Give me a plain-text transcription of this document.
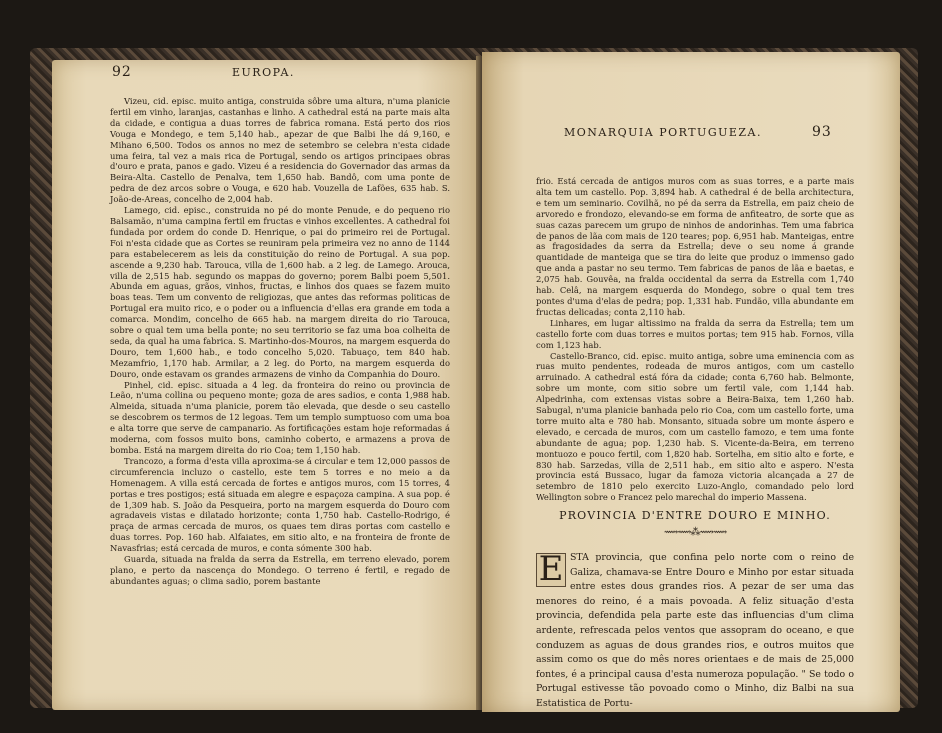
92	EUROPA.

Vizeu, cid. episc. muito antiga, construida sôbre uma altura, n'uma planicie fertil em vinho, laranjas, castanhas e linho. A cathedral está na parte mais alta da cidade, e contigua a duas torres de fabrica romana. Está perto dos rios Vouga e Mondego, e tem 5,140 hab., apezar de que Balbi lhe dá 9,160, e Mihano 6,500. Todos os annos no mez de setembro se celebra n'esta cidade uma feira, tal vez a mais rica de Portugal, sendo os artigos principaes obras d'ouro e prata, panos e gado. Vizeu é a residencia do Governador das armas da Beira-Alta. Castello de Penalva, tem 1,650 hab. Bandô, com uma ponte de pedra de dez arcos sobre o Vouga, e 620 hab. Vouzella de Lafões, 635 hab. S. João-de-Areas, concelho de 2,004 hab.

Lamego, cid. episc., construida no pé do monte Penude, e do pequeno rio Balsamão, n'uma campina fertil em fructas e vinhos excellentes. A cathedral foi fundada por ordem do conde D. Henrique, o pai do primeiro rei de Portugal. Foi n'esta cidade que as Cortes se reuniram pela primeira vez no anno de 1144 para estabelecerem as leis da constituição do reino de Portugal. A sua pop. ascende a 9,230 hab. Tarouca, villa de 1,600 hab. a 2 leg. de Lamego. Arouca, villa de 2,515 hab. segundo os mappas do governo; porem Balbi poem 5,501. Abunda em aguas, grãos, vinhos, fructas, e linhos dos quaes se fazem muito boas teas. Tem um convento de religiozas, que antes das reformas politicas de Portugal era muito rico, e o poder ou a influencia d'ellas era grande em toda a comarca. Mondim, concelho de 665 hab. na margem direita do rio Tarouca, sobre o qual tem uma bella ponte; no seu territorio se faz uma boa colheita de seda, da qual ha uma fabrica. S. Martinho-dos-Mouros, na margem esquerda do Douro, tem 1,600 hab., e todo concelho 5,020. Tabuaço, tem 840 hab. Mezamfrio, 1,170 hab. Armilar, a 2 leg. do Porto, na margem esquerda do Douro, onde estavam os grandes armazens de vinho da Companhia do Douro.

Pinhel, cid. episc. situada a 4 leg. da fronteira do reino ou provincia de Leão, n'uma collina ou pequeno monte; goza de ares sadios, e conta 1,988 hab. Almeida, situada n'uma planicie, porem tão elevada, que desde o seu castello se descobrem os termos de 12 legoas. Tem um templo sumptuoso com uma boa e alta torre que serve de campanario. As fortificações estam hoje reformadas á moderna, com fossos muito bons, caminho coberto, e armazens a prova de bomba. Está na margem direita do rio Coa; tem 1,150 hab.

Trancozo, a forma d'esta villa aproxima-se á circular e tem 12,000 passos de circumferencia incluzo o castello, este tem 5 torres e no meio a da Homenagem. A villa está cercada de fortes e antigos muros, com 15 torres, 4 portas e tres postigos; está situada em alegre e espaçoza campina. A sua pop. é de 1,309 hab. S. João da Pesqueira, porto na margem esquerda do Douro com agradaveis vistas e dilatado horizonte; conta 1,750 hab. Castello-Rodrigo, é praça de armas cercada de muros, os quaes tem diras portas com castello e duas torres. Pop. 160 hab. Alfaiates, em sitio alto, e na fronteira de fronte de Navasfrias; está cercada de muros, e conta sómente 300 hab.

Guarda, situada na fralda da serra da Estrella, em terreno elevado, porem plano, e perto da nascença do Mondego. O terreno é fertil, e regado de abundantes aguas; o clima sadio, porem bastante

MONARQUIA PORTUGUEZA.	93

frio. Está cercada de antigos muros com as suas torres, e a parte mais alta tem um castello. Pop. 3,894 hab. A cathedral é de bella architectura, e tem um seminario. Covilhã, no pé da serra da Estrella, em paiz cheio de arvoredo e frondozo, elevando-se em forma de anfiteatro, de sorte que as suas cazas parecem um grupo de ninhos de andorinhas. Tem uma fabrica de panos de lãa com mais de 120 teares; pop. 6,951 hab. Manteigas, entre as fragosidades da serra da Estrella; deve o seu nome á grande quantidade de manteiga que se tira do leite que produz o immenso gado que anda a pastar no seu termo. Tem fabricas de panos de lãa e baetas, e 2,075 hab. Gouvêa, na fralda occidental da serra da Estrella com 1,740 hab. Celâ, na margem esquerda do Mondego, sobre o qual tem tres pontes d'uma d'elas de pedra; pop. 1,331 hab. Fundão, villa abundante em fructas delicadas; conta 2,110 hab.

Linhares, em lugar altissimo na fralda da serra da Estrella; tem um castello forte com duas torres e muitos portas; tem 915 hab. Fornos, villa com 1,123 hab.

Castello-Branco, cid. episc. muito antiga, sobre uma eminencia com as ruas muito pendentes, rodeada de muros antigos, com um castello arruinado. A cathedral está fóra da cidade; conta 6,760 hab. Belmonte, sobre um monte, com sitio sobre um fertil vale, com 1,144 hab. Alpedrinha, com extensas vistas sobre a Beira-Baixa, tem 1,260 hab. Sabugal, n'uma planicie banhada pelo rio Coa, com um castello forte, uma torre muito alta e 780 hab. Monsanto, situada sobre um monte áspero e elevado, e cercada de muros, com um castello famozo, e tem uma fonte abundante de agua; pop. 1,230 hab. S. Vicente-da-Beira, em terreno montuozo e pouco fertil, com 1,820 hab. Sortelha, em sitio alto e forte, e 830 hab. Sarzedas, villa de 2,511 hab., em sitio alto e aspero. N'esta provincia está Bussaco, lugar da famoza victoria alcançada a 27 de setembro de 1810 pelo exercito Luzo-Anglo, comandado pelo lord Wellington sobre o Francez pelo marechal do imperio Massena.

PROVINCIA D'ENTRE DOURO E MINHO.
⟿⟿⁂⟿⟿
E STA provincia, que confina pelo norte com o reino de Galiza, chamava-se Entre Douro e Minho por estar situada entre estes dous grandes rios. A pezar de ser uma das menores do reino, é a mais povoada. A feliz situação d'esta provincia, defendida pela parte este das influencias d'um clima ardente, refrescada pelos ventos que assopram do oceano, e que conduzem as aguas de dous grandes rios, e outros muitos que assim como os que do mês nores orientaes e de mais de 25,000 fontes, é a principal causa d'esta numeroza população. " Se todo o Portugal estivesse tão povoado como o Minho, diz Balbi na sua Estatistica de Portu-
